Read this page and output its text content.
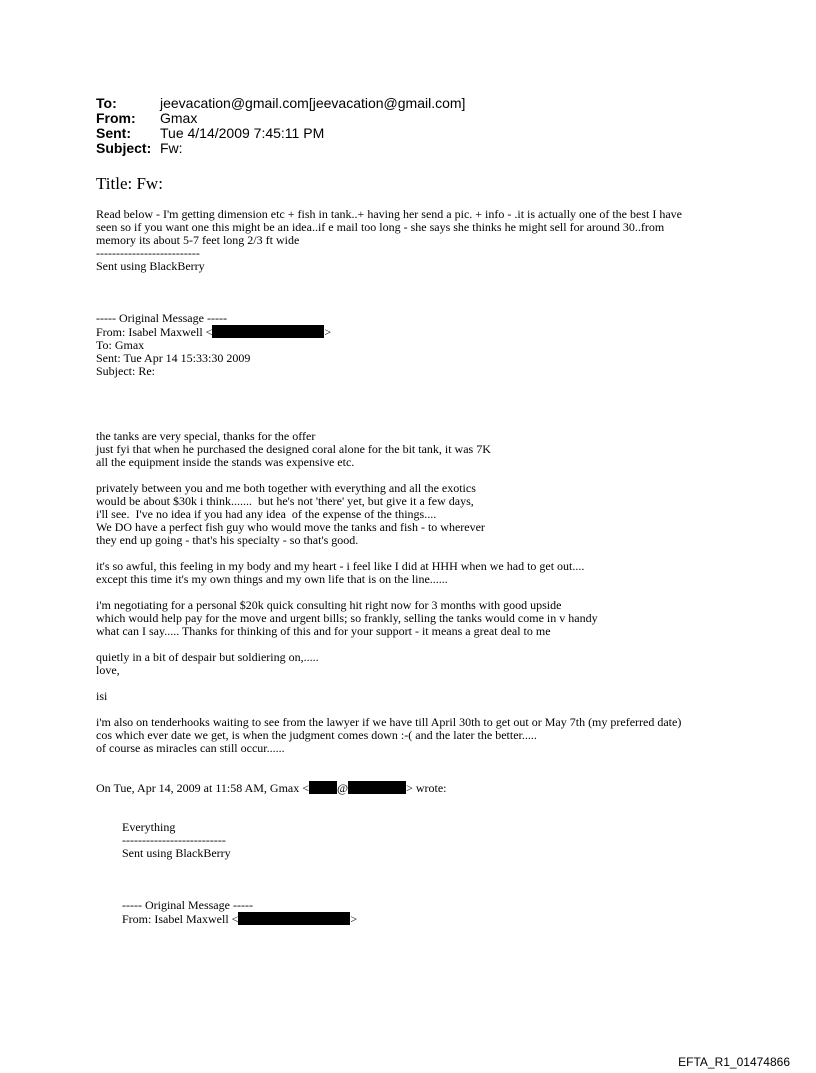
To:	jeevacation@gmail.com[jeevacation@gmail.com]
From:	Gmax
Sent:	Tue 4/14/2009 7:45:11 PM
Subject: Fw:
Title: Fw:

Read below - I'm getting dimension etc + fish in tank..+ having her send a pic. + info - .it is actually one of the best I have

seen so if you want one this might be an idea..if e mail too long - she says she thinks he might sell for around 30..from

memory its about 5-7 feet long 2/3 ft wide

--------------------------

Sent using BlackBerry

----- Original Message -----

From: Isabel Maxwell <	>

To: Gmax

Sent: Tue Apr 14 15:33:30 2009

Subject: Re:

the tanks are very special, thanks for the offer

just fyi that when he purchased the designed coral alone for the bit tank, it was 7K

all the equipment inside the stands was expensive etc.

privately between you and me both together with everything and all the exotics

would be about $30k i think.......  but he's not 'there' yet, but give it a few days,

i'll see.  I've no idea if you had any idea  of the expense of the things....

We DO have a perfect fish guy who would move the tanks and fish - to wherever

they end up going - that's his specialty - so that's good.

it's so awful, this feeling in my body and my heart - i feel like I did at HHH when we had to get out....

except this time it's my own things and my own life that is on the line......

i'm negotiating for a personal $20k quick consulting hit right now for 3 months with good upside

which would help pay for the move and urgent bills; so frankly, selling the tanks would come in v handy

what can I say..... Thanks for thinking of this and for your support - it means a great deal to me

quietly in a bit of despair but soldiering on,.....

love,

isi

i'm also on tenderhooks waiting to see from the lawyer if we have till April 30th to get out or May 7th (my preferred date)

cos which ever date we get, is when the judgment comes down :-( and the later the better.....

of course as miracles can still occur......

On Tue, Apr 14, 2009 at 11:58 AM, Gmax < @	> wrote:

Everything

--------------------------

Sent using BlackBerry

----- Original Message -----

From: Isabel Maxwell <	>

EFTA_R1_01474866
